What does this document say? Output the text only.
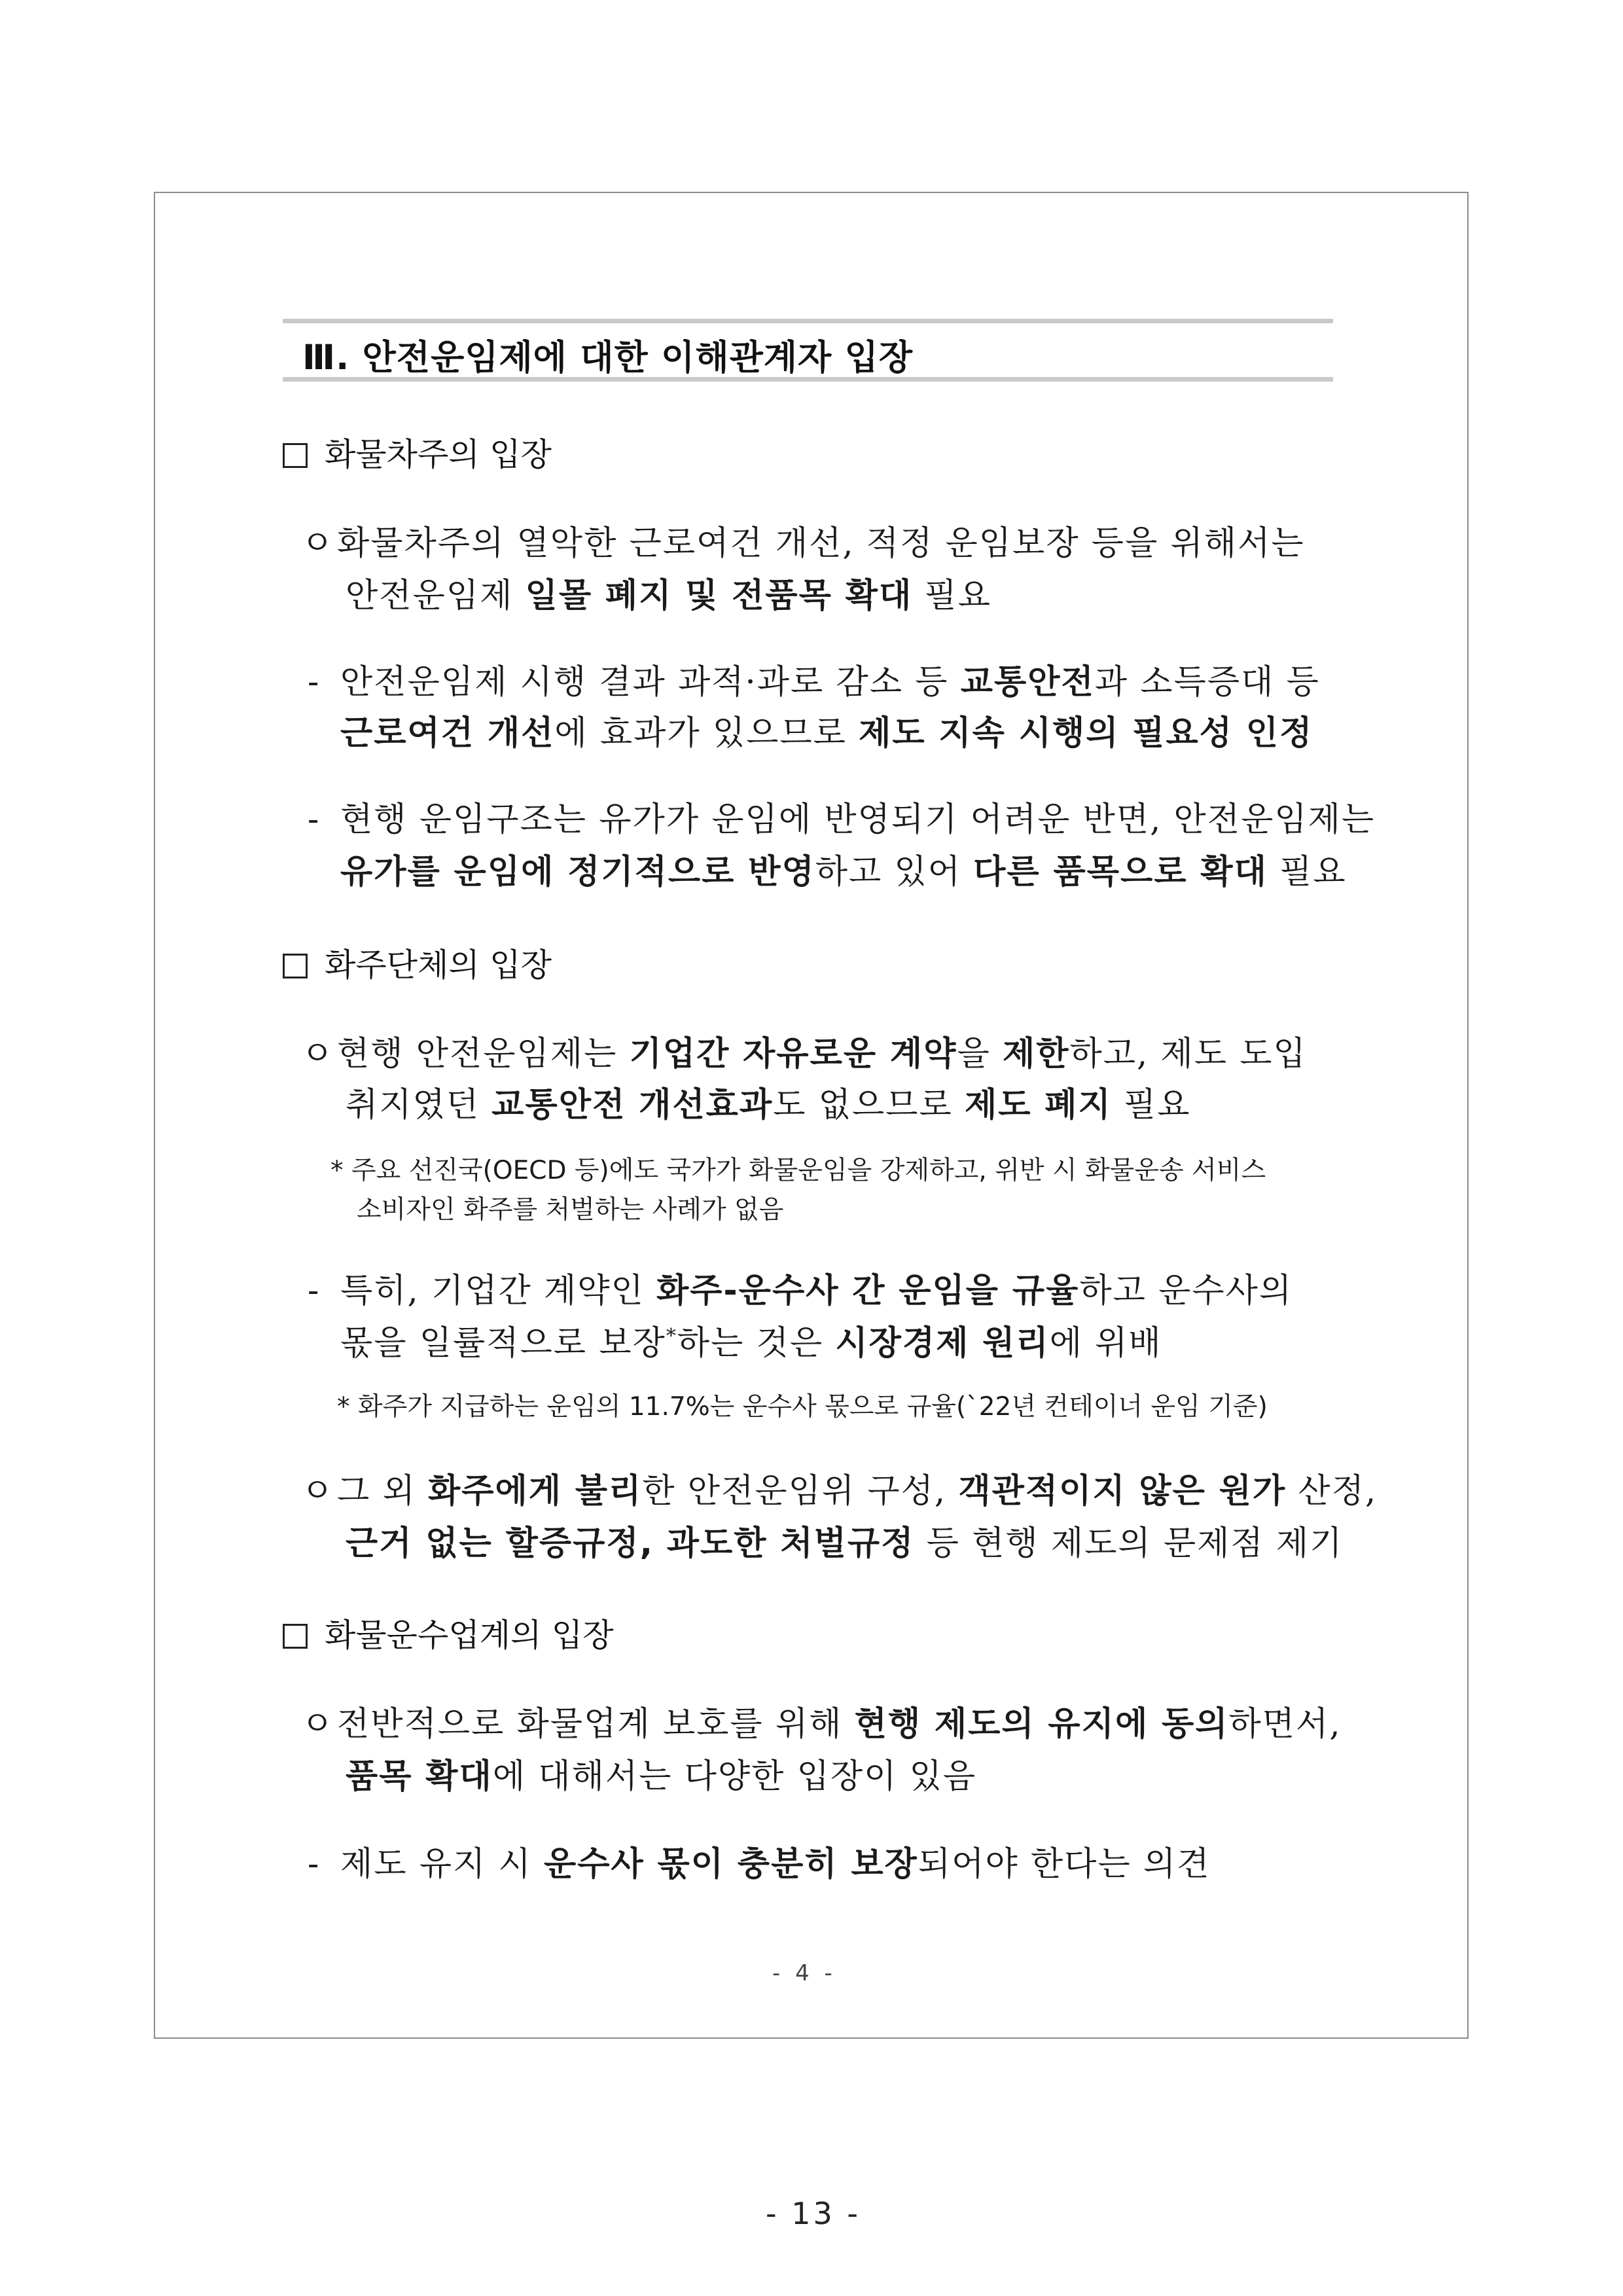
Ⅲ. 안전운임제에 대한 이해관계자 입장
화물차주의 입장
ㅇ화물차주의 열악한 근로여건 개선, 적정 운임보장 등을 위해서는
안전운임제 일몰 폐지 및 전품목 확대 필요
- 안전운임제 시행 결과 과적·과로 감소 등 교통안전과 소득증대 등
근로여건 개선에 효과가 있으므로 제도 지속 시행의 필요성 인정
- 현행 운임구조는 유가가 운임에 반영되기 어려운 반면, 안전운임제는
유가를 운임에 정기적으로 반영하고 있어 다른 품목으로 확대 필요
화주단체의 입장
ㅇ현행 안전운임제는 기업간 자유로운 계약을 제한하고, 제도 도입
취지였던 교통안전 개선효과도 없으므로 제도 폐지 필요
* 주요 선진국(OECD 등)에도 국가가 화물운임을 강제하고, 위반 시 화물운송 서비스
소비자인 화주를 처벌하는 사례가 없음
- 특히, 기업간 계약인 화주-운수사 간 운임을 규율하고 운수사의
몫을 일률적으로 보장*하는 것은 시장경제 원리에 위배
* 화주가 지급하는 운임의 11.7%는 운수사 몫으로 규율(`22년 컨테이너 운임 기준)
ㅇ그 외 화주에게 불리한 안전운임위 구성, 객관적이지 않은 원가 산정,
근거 없는 할증규정, 과도한 처벌규정 등 현행 제도의 문제점 제기
화물운수업계의 입장
ㅇ전반적으로 화물업계 보호를 위해 현행 제도의 유지에 동의하면서,
품목 확대에 대해서는 다양한 입장이 있음
- 제도 유지 시 운수사 몫이 충분히 보장되어야 한다는 의견
- 4 -
- 13 -
